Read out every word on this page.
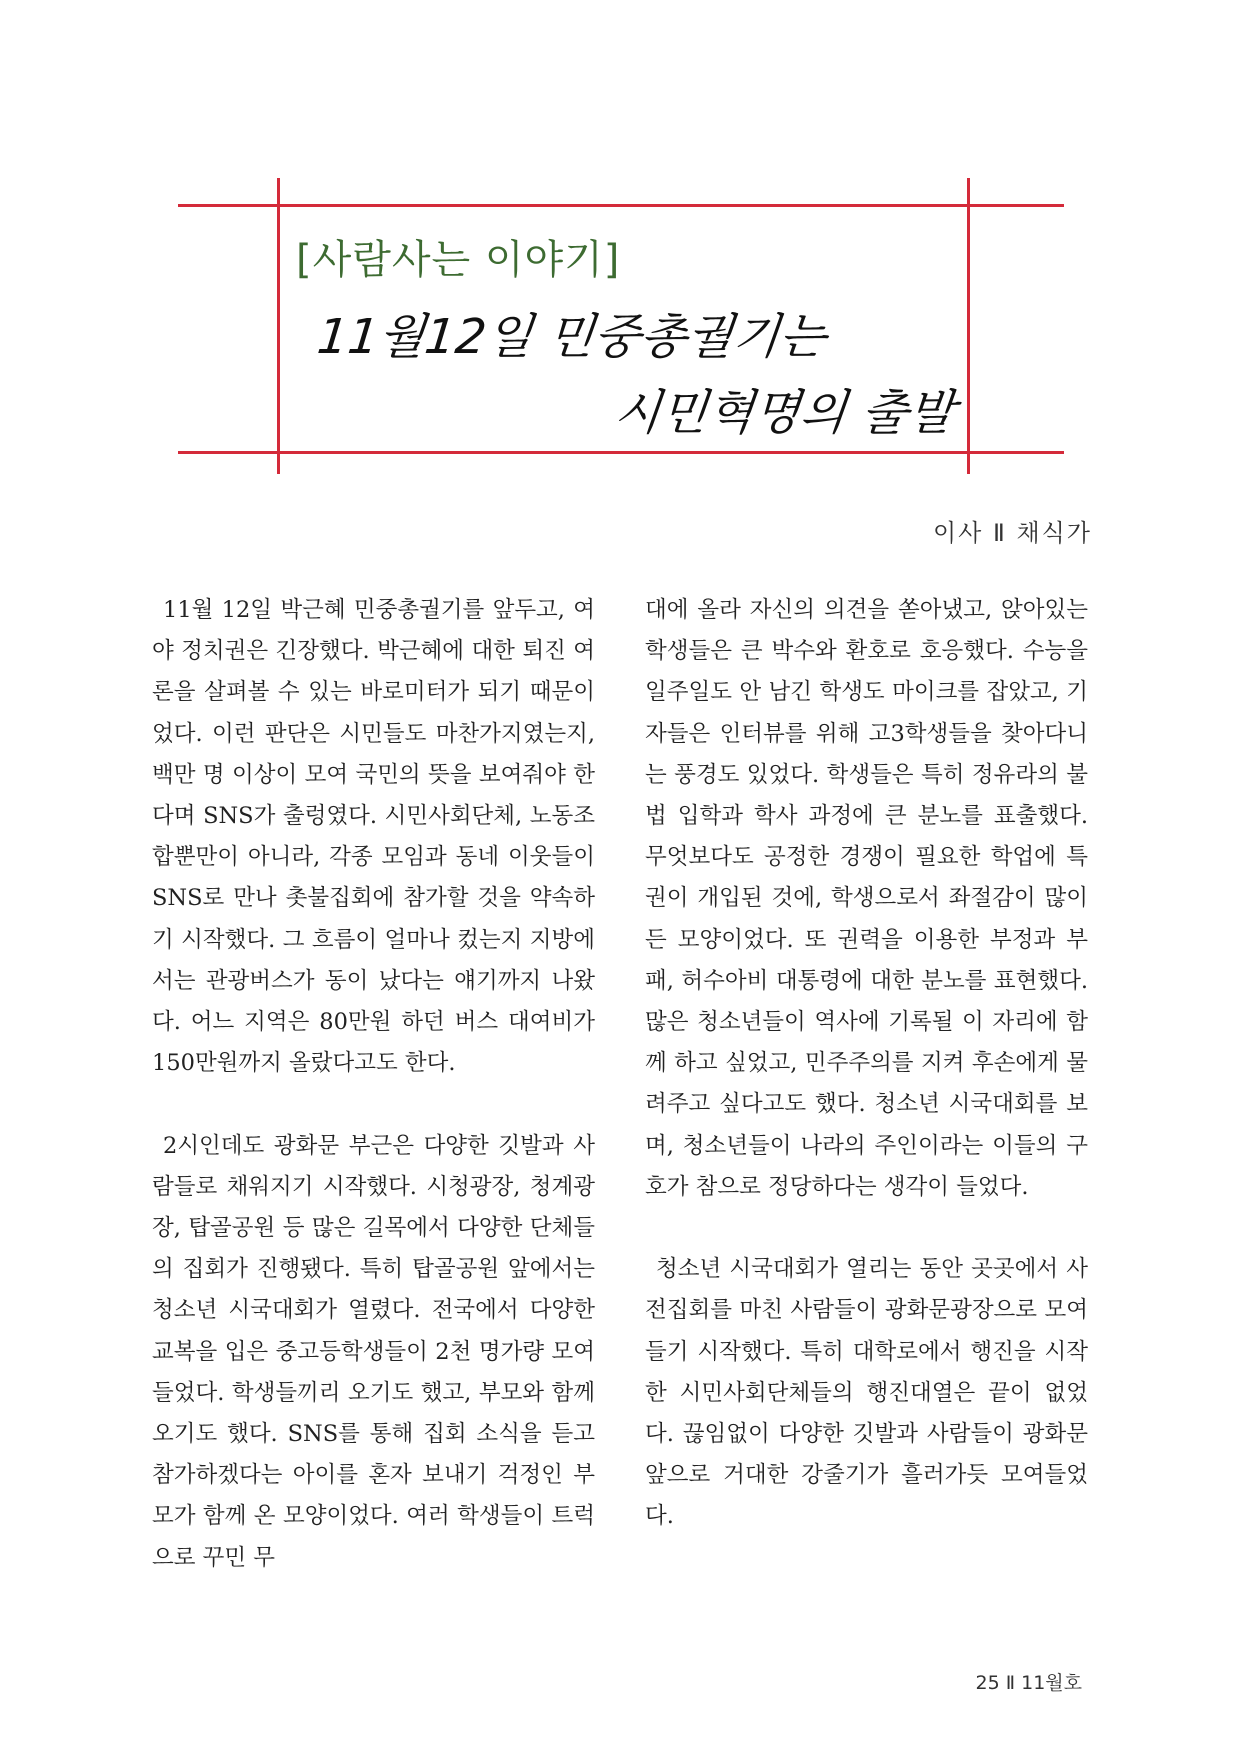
[사람사는 이야기]
11월12일 민중총궐기는
시민혁명의 출발
이사 Ⅱ 채식가

11월 12일 박근혜 민중총궐기를 앞두고, 여야 정치권은 긴장했다. 박근혜에 대한 퇴진 여론을 살펴볼 수 있는 바로미터가 되기 때문이었다. 이런 판단은 시민들도 마찬가지였는지, 백만 명 이상이 모여 국민의 뜻을 보여줘야 한다며 SNS가 출렁였다. 시민사회단체, 노동조합뿐만이 아니라, 각종 모임과 동네 이웃들이 SNS로 만나 촛불집회에 참가할 것을 약속하기 시작했다. 그 흐름이 얼마나 컸는지 지방에서는 관광버스가 동이 났다는 얘기까지 나왔다. 어느 지역은 80만원 하던 버스 대여비가 150만원까지 올랐다고도 한다.

2시인데도 광화문 부근은 다양한 깃발과 사람들로 채워지기 시작했다. 시청광장, 청계광장, 탑골공원 등 많은 길목에서 다양한 단체들의 집회가 진행됐다. 특히 탑골공원 앞에서는 청소년 시국대회가 열렸다. 전국에서 다양한 교복을 입은 중고등학생들이 2천 명가량 모여들었다. 학생들끼리 오기도 했고, 부모와 함께 오기도 했다. SNS를 통해 집회 소식을 듣고 참가하겠다는 아이를 혼자 보내기 걱정인 부모가 함께 온 모양이었다. 여러 학생들이 트럭으로 꾸민 무

대에 올라 자신의 의견을 쏟아냈고, 앉아있는 학생들은 큰 박수와 환호로 호응했다. 수능을 일주일도 안 남긴 학생도 마이크를 잡았고, 기자들은 인터뷰를 위해 고3학생들을 찾아다니는 풍경도 있었다. 학생들은 특히 정유라의 불법 입학과 학사 과정에 큰 분노를 표출했다. 무엇보다도 공정한 경쟁이 필요한 학업에 특권이 개입된 것에, 학생으로서 좌절감이 많이 든 모양이었다. 또 권력을 이용한 부정과 부패, 허수아비 대통령에 대한 분노를 표현했다. 많은 청소년들이 역사에 기록될 이 자리에 함께 하고 싶었고, 민주주의를 지켜 후손에게 물려주고 싶다고도 했다. 청소년 시국대회를 보며, 청소년들이 나라의 주인이라는 이들의 구호가 참으로 정당하다는 생각이 들었다.

청소년 시국대회가 열리는 동안 곳곳에서 사전집회를 마친 사람들이 광화문광장으로 모여들기 시작했다. 특히 대학로에서 행진을 시작한 시민사회단체들의 행진대열은 끝이 없었다. 끊임없이 다양한 깃발과 사람들이 광화문 앞으로 거대한 강줄기가 흘러가듯 모여들었다.

25 Ⅱ 11월호
